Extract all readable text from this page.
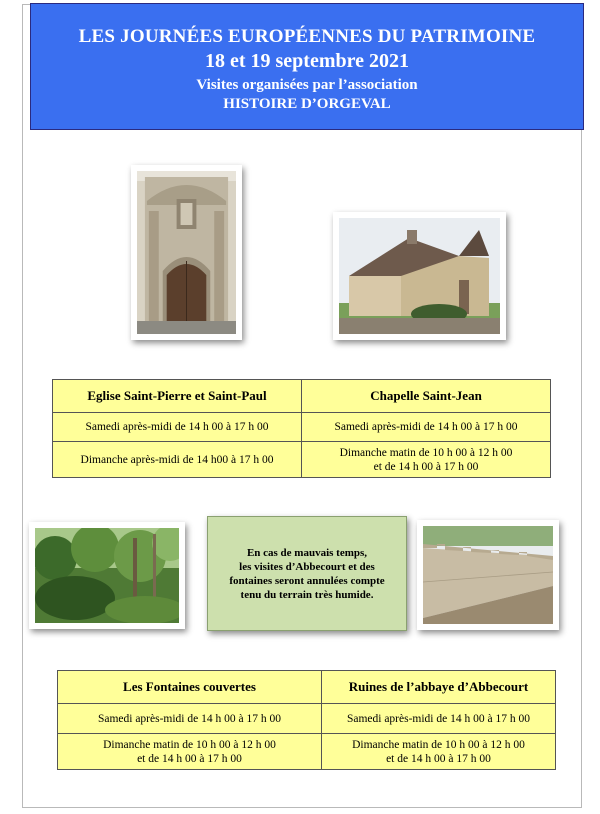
LES JOURNÉES EUROPÉENNES DU PATRIMOINE
18 et 19 septembre 2021
Visites organisées par l’association
HISTOIRE D’ORGEVAL
Eglise Saint-Pierre et Saint-Paul	Chapelle Saint-Jean
Samedi après-midi de 14 h 00 à 17 h 00	Samedi après-midi de 14 h 00 à 17 h 00
Dimanche après-midi de 14 h00 à 17 h 00	Dimanche matin de 10 h 00 à 12 h 00
et de 14 h 00 à 17 h 00
En cas de mauvais temps,
les visites d’Abbecourt et des
fontaines seront annulées compte
tenu du terrain très humide.
Les Fontaines couvertes	Ruines de l’abbaye d’Abbecourt
Samedi après-midi de 14 h 00 à 17 h 00	Samedi après-midi de 14 h 00 à 17 h 00
Dimanche matin de 10 h 00 à 12 h 00
et de 14 h 00 à 17 h 00	Dimanche matin de 10 h 00 à 12 h 00
et de 14 h 00 à 17 h 00
